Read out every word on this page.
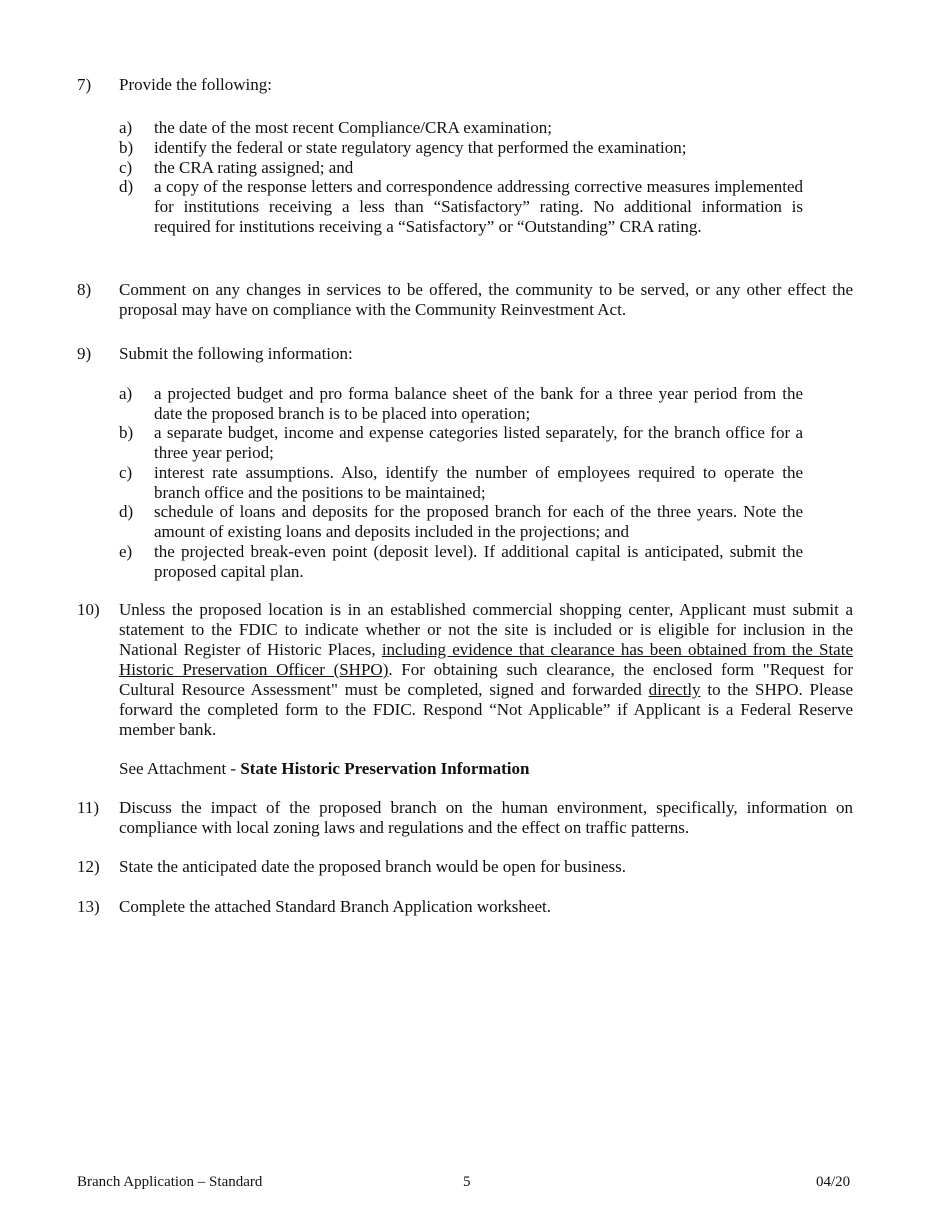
7) Provide the following:
a) the date of the most recent Compliance/CRA examination;
b) identify the federal or state regulatory agency that performed the examination;
c) the CRA rating assigned; and
d) a copy of the response letters and correspondence addressing corrective measures implemented for institutions receiving a less than “Satisfactory” rating. No additional information is required for institutions receiving a “Satisfactory” or “Outstanding” CRA rating.
8) Comment on any changes in services to be offered, the community to be served, or any other effect the proposal may have on compliance with the Community Reinvestment Act.
9) Submit the following information:
a) a projected budget and pro forma balance sheet of the bank for a three year period from the date the proposed branch is to be placed into operation;
b) a separate budget, income and expense categories listed separately, for the branch office for a three year period;
c) interest rate assumptions. Also, identify the number of employees required to operate the branch office and the positions to be maintained;
d) schedule of loans and deposits for the proposed branch for each of the three years. Note the amount of existing loans and deposits included in the projections; and
e) the projected break-even point (deposit level). If additional capital is anticipated, submit the proposed capital plan.
10) Unless the proposed location is in an established commercial shopping center, Applicant must submit a statement to the FDIC to indicate whether or not the site is included or is eligible for inclusion in the National Register of Historic Places, including evidence that clearance has been obtained from the State Historic Preservation Officer (SHPO). For obtaining such clearance, the enclosed form "Request for Cultural Resource Assessment" must be completed, signed and forwarded directly to the SHPO. Please forward the completed form to the FDIC. Respond “Not Applicable” if Applicant is a Federal Reserve member bank.
See Attachment - State Historic Preservation Information
11) Discuss the impact of the proposed branch on the human environment, specifically, information on compliance with local zoning laws and regulations and the effect on traffic patterns.
12) State the anticipated date the proposed branch would be open for business.
13) Complete the attached Standard Branch Application worksheet.
Branch Application – Standard	5	04/20
